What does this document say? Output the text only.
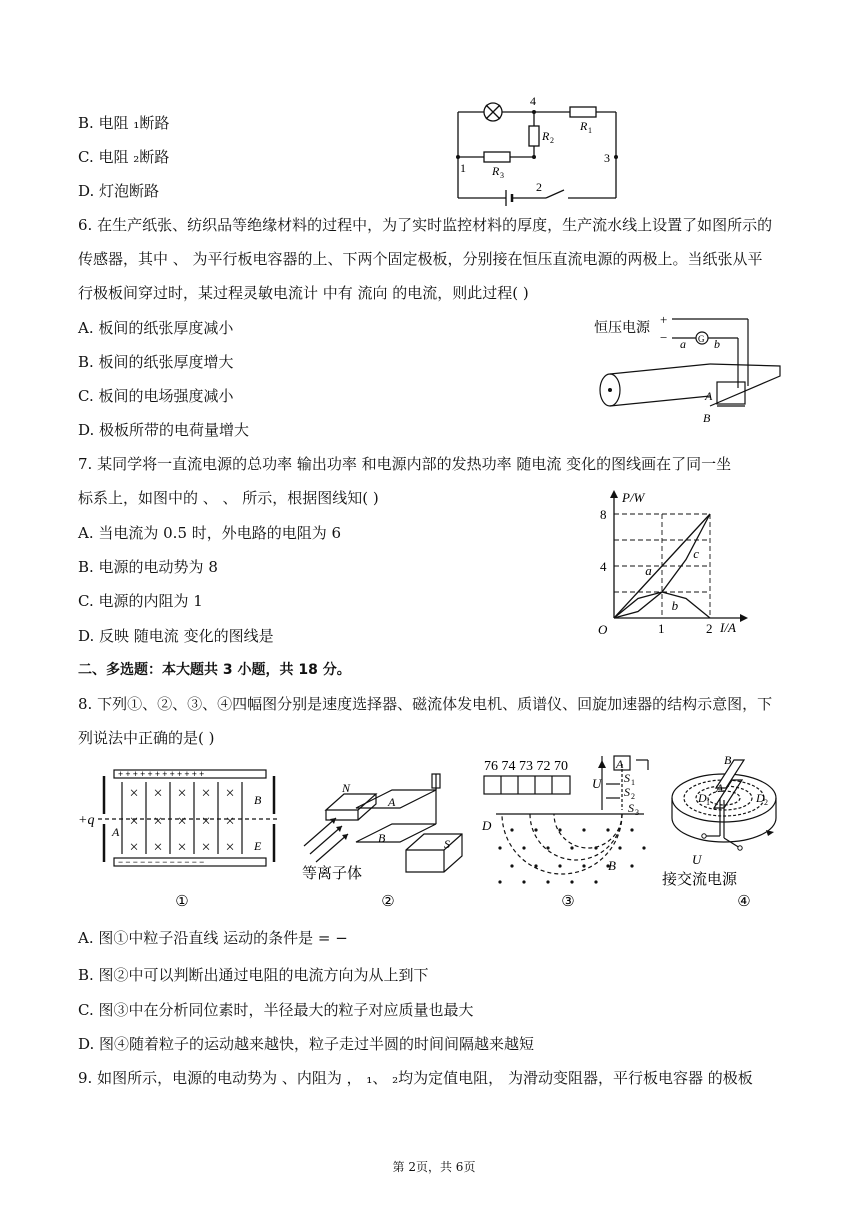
B. 电阻 ₁断路
C. 电阻 ₂断路
D. 灯泡断路
4
1
2
3
R 1
R 2
R 3
6. 在生产纸张、纺织品等绝缘材料的过程中，为了实时监控材料的厚度，生产流水线上设置了如图所示的
传感器，其中 、 为平行板电容器的上、下两个固定极板，分别接在恒压直流电源的两极上。当纸张从平
行极板间穿过时，某过程灵敏电流计 中有 流向 的电流，则此过程( )
A. 板间的纸张厚度减小
B. 板间的纸张厚度增大
C. 板间的电场强度减小
D. 极板所带的电荷量增大
恒压电源
+
−	G
a b
A
B
7. 某同学将一直流电源的总功率 输出功率 和电源内部的发热功率 随电流 变化的图线画在了同一坐
标系上，如图中的 、 、 所示，根据图线知( )
A. 当电流为 0.5 时，外电路的电阻为 6
B. 电源的电动势为 8
C. 电源的内阻为 1
D. 反映 随电流 变化的图线是
P/W
I/A
O	1	2
4
8
a
b
c
二、多选题：本大题共 3 小题，共 18 分。
8. 下列①、②、③、④四幅图分别是速度选择器、磁流体发电机、质谱仪、回旋加速器的结构示意图，下
列说法中正确的是( )
× × × × ×
× × × × ×
× × × × ×
+ + + + + + + + + + + +
− − − − − − − − − − − −
+q
A
B
E
①
N
A
B	S
等离子体
②
76 74 73 72 70	A
U S 1
S 2
S 3
D
B
③
B
A
D 1	D 2
U
接交流电源
④
A. 图①中粒子沿直线 运动的条件是 = −
B. 图②中可以判断出通过电阻的电流方向为从上到下
C. 图③中在分析同位素时，半径最大的粒子对应质量也最大
D. 图④随着粒子的运动越来越快，粒子走过半圆的时间间隔越来越短
9. 如图所示，电源的电动势为 、内阻为 ， ₁、 ₂均为定值电阻， 为滑动变阻器，平行板电容器 的极板
第 2页，共 6页
